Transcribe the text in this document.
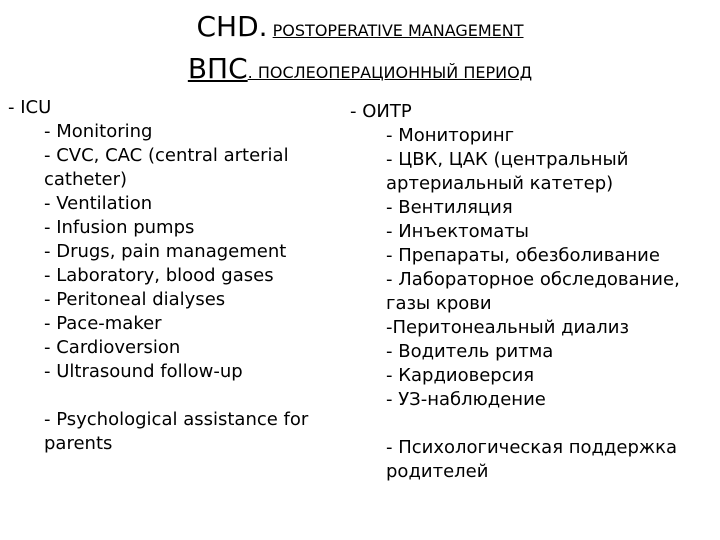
CHD. POSTOPERATIVE MANAGEMENT
ВПС. ПОСЛЕОПЕРАЦИОННЫЙ ПЕРИОД

- ICU

- Monitoring

- CVC, CAC (central arterial catheter)

- Ventilation

- Infusion pumps

- Drugs, pain management

- Laboratory, blood gases

- Peritoneal dialyses

- Pace-maker

- Cardioversion

- Ultrasound follow-up

- Psychological assistance for parents

- ОИТР

- Мониторинг

- ЦВК, ЦАК (центральный артериальный катетер)

- Вентиляция

- Инъектоматы

- Препараты, обезболивание

- Лабораторное обследование, газы крови

-Перитонеальный диализ

- Водитель ритма

- Кардиоверсия

- УЗ-наблюдение

- Психологическая поддержка родителей
